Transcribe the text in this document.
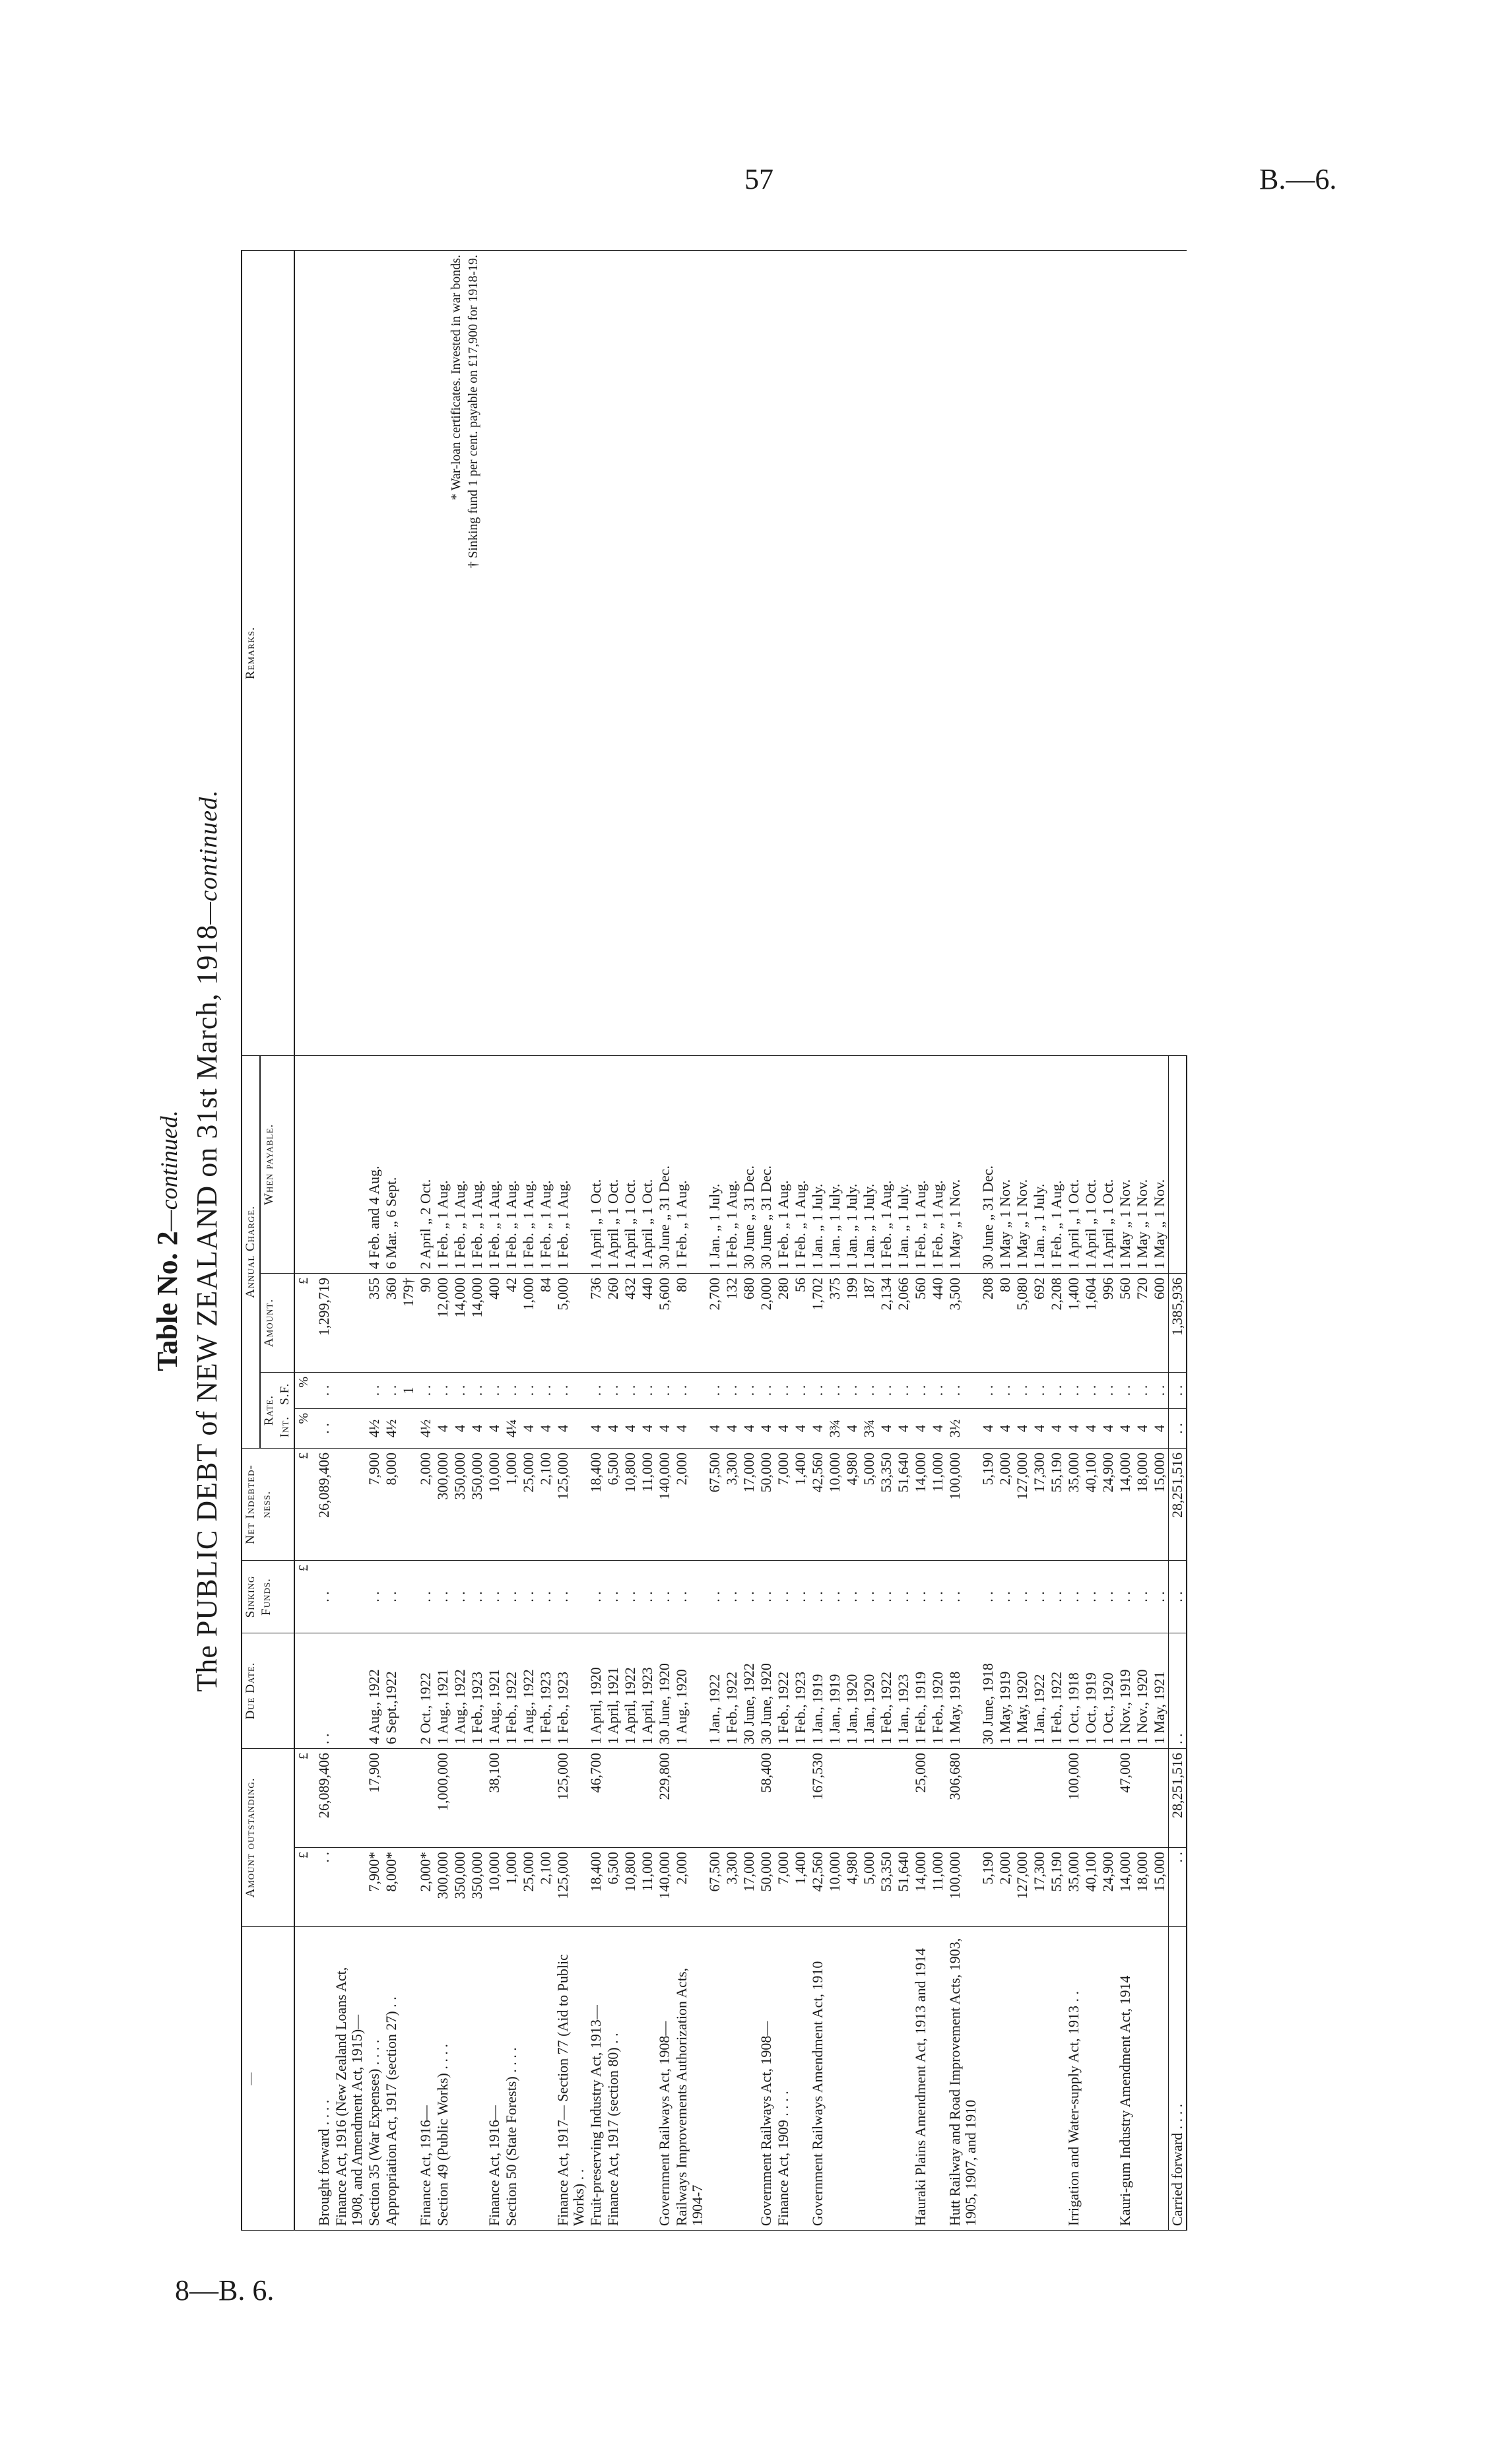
57	B.—6.
8—B. 6.
Table No. 2—continued. The PUBLIC DEBT of NEW ZEALAND on 31st March, 1918—continued.
—	Amount outstanding.		Due Date.	Sinking Funds.	Net Indebted- ness.	Annual Charge.				Remarks.

						Rate.
Int.   S.F.		Amount.	When payable.	
	£	£		£	£	%	%	£		* War-loan certificates. Invested in war bonds. † Sinking fund 1 per cent. payable on £17,900 for 1918-19.

Brought forward . . . .	. .	26,089,406	. .	. .	26,089,406	. .	. .	1,299,719		
Finance Act, 1916 (New Zealand Loans Act, 1908, and Amendment Act, 1915)—										
Section 35 (War Expenses) . . . .	7,900*	17,900	4 Aug., 1922	. .	7,900	4½	. .	355	4 Feb. and 4 Aug.	
Appropriation Act, 1917 (section 27) . .	8,000*		6 Sept.,1922	. .	8,000	4½	. .	360	6 Mar. „ 6 Sept.	
							1	179†		
Finance Act, 1916—	2,000*		2 Oct., 1922	. .	2,000	4½	. .	90	2 April „ 2 Oct.	
Section 49 (Public Works) . . . .	300,000	1,000,000	1 Aug., 1921	. .	300,000	4	. .	12,000	1 Feb. „ 1 Aug.	
	350,000		1 Aug., 1922	. .	350,000	4	. .	14,000	1 Feb. „ 1 Aug.	
	350,000		1 Feb., 1923	. .	350,000	4	. .	14,000	1 Feb. „ 1 Aug.	
Finance Act, 1916—	10,000	38,100	1 Aug., 1921	. .	10,000	4	. .	400	1 Feb. „ 1 Aug.	
Section 50 (State Forests) . . . .	1,000		1 Feb., 1922	. .	1,000	4¼	. .	42	1 Feb. „ 1 Aug.	
	25,000		1 Aug., 1922	. .	25,000	4	. .	1,000	1 Feb. „ 1 Aug.	
	2,100		1 Feb., 1923	. .	2,100	4	. .	84	1 Feb. „ 1 Aug.	
Finance Act, 1917— Section 77 (Aid to Public Works) . .	125,000	125,000	1 Feb., 1923	. .	125,000	4	. .	5,000	1 Feb. „ 1 Aug.	
Fruit-preserving Industry Act, 1913—	18,400	46,700	1 April, 1920	. .	18,400	4	. .	736	1 April „ 1 Oct.	
Finance Act, 1917 (section 80) . .	6,500		1 April, 1921	. .	6,500	4	. .	260	1 April „ 1 Oct.	
	10,800		1 April, 1922	. .	10,800	4	. .	432	1 April „ 1 Oct.	
	11,000		1 April, 1923	. .	11,000	4	. .	440	1 April „ 1 Oct.	
Government Railways Act, 1908—	140,000	229,800	30 June, 1920	. .	140,000	4	. .	5,600	30 June „ 31 Dec.	
Railways Improvements Authorization Acts, 1904-7	2,000		1 Aug., 1920	. .	2,000	4	. .	80	1 Feb. „ 1 Aug.	
	67,500		1 Jan., 1922	. .	67,500	4	. .	2,700	1 Jan. „ 1 July.	
	3,300		1 Feb., 1922	. .	3,300	4	. .	132	1 Feb. „ 1 Aug.	
	17,000		30 June, 1922	. .	17,000	4	. .	680	30 June „ 31 Dec.	
Government Railways Act, 1908—	50,000	58,400	30 June, 1920	. .	50,000	4	. .	2,000	30 June „ 31 Dec.	
Finance Act, 1909 . . . .	7,000		1 Feb., 1922	. .	7,000	4	. .	280	1 Feb. „ 1 Aug.	
	1,400		1 Feb., 1923	. .	1,400	4	. .	56	1 Feb. „ 1 Aug.	
Government Railways Amendment Act, 1910	42,560	167,530	1 Jan., 1919	. .	42,560	4	. .	1,702	1 Jan. „ 1 July.	
	10,000		1 Jan., 1919	. .	10,000	3¾	. .	375	1 Jan. „ 1 July.	
	4,980		1 Jan., 1920	. .	4,980	4	. .	199	1 Jan. „ 1 July.	
	5,000		1 Jan., 1920	. .	5,000	3¾	. .	187	1 Jan. „ 1 July.	
	53,350		1 Feb., 1922	. .	53,350	4	. .	2,134	1 Feb. „ 1 Aug.	
	51,640		1 Jan., 1923	. .	51,640	4	. .	2,066	1 Jan. „ 1 July.	
Hauraki Plains Amendment Act, 1913 and 1914	14,000	25,000	1 Feb., 1919	. .	14,000	4	. .	560	1 Feb. „ 1 Aug.	
	11,000		1 Feb., 1920	. .	11,000	4	. .	440	1 Feb. „ 1 Aug.	
Hutt Railway and Road Improvement Acts, 1903, 1905, 1907, and 1910	100,000	306,680	1 May, 1918	. .	100,000	3½	. .	3,500	1 May „ 1 Nov.	
	5,190		30 June, 1918	. .	5,190	4	. .	208	30 June „ 31 Dec.	
	2,000		1 May, 1919	. .	2,000	4	. .	80	1 May „ 1 Nov.	
	127,000		1 May, 1920	. .	127,000	4	. .	5,080	1 May „ 1 Nov.	
	17,300		1 Jan., 1922	. .	17,300	4	. .	692	1 Jan. „ 1 July.	
	55,190		1 Feb., 1922	. .	55,190	4	. .	2,208	1 Feb. „ 1 Aug.	
Irrigation and Water-supply Act, 1913 . .	35,000	100,000	1 Oct., 1918	. .	35,000	4	. .	1,400	1 April „ 1 Oct.	
	40,100		1 Oct., 1919	. .	40,100	4	. .	1,604	1 April „ 1 Oct.	
	24,900		1 Oct., 1920	. .	24,900	4	. .	996	1 April „ 1 Oct.	
Kauri-gum Industry Amendment Act, 1914	14,000	47,000	1 Nov., 1919	. .	14,000	4	. .	560	1 May „ 1 Nov.	
	18,000		1 Nov., 1920	. .	18,000	4	. .	720	1 May „ 1 Nov.	
	15,000		1 May, 1921	. .	15,000	4	. .	600	1 May „ 1 Nov.	
Carried forward . . . .	. .	28,251,516	. .	. .	28,251,516	. .	. .	1,385,936		
